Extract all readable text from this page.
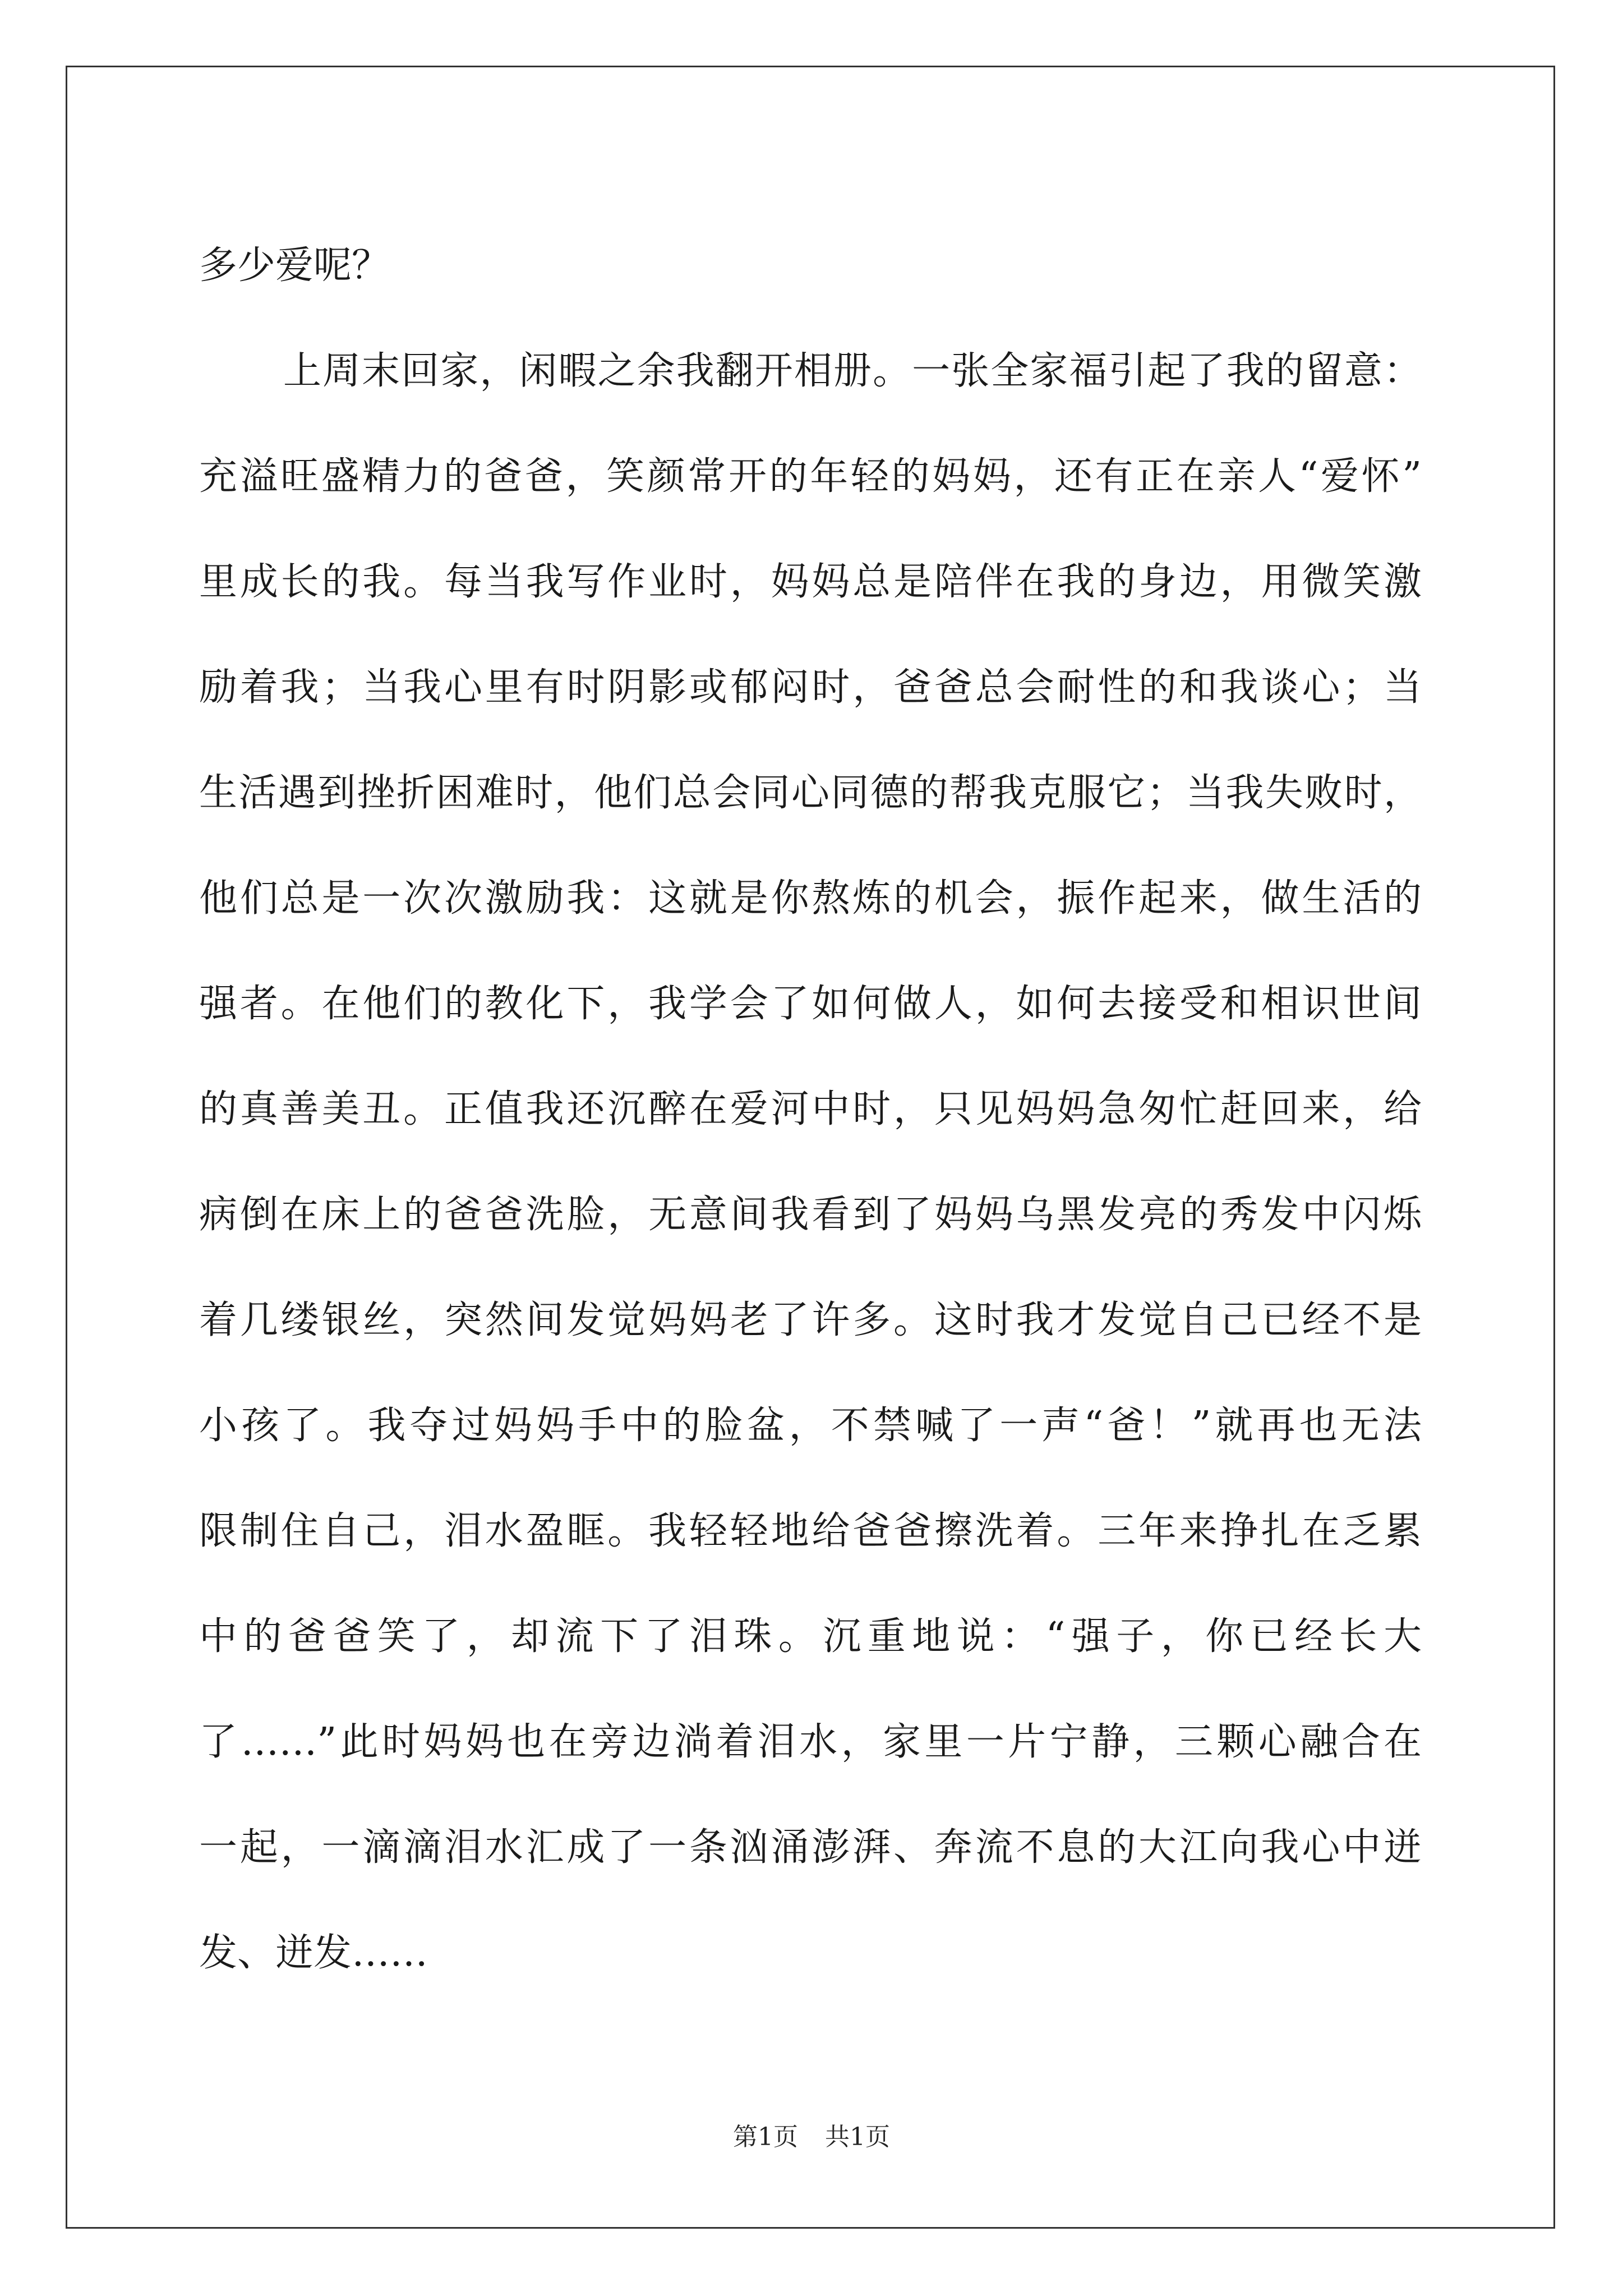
多少爱呢？
上周末回家，闲暇之余我翻开相册。一张全家福引起了我的留意：
充溢旺盛精力的爸爸，笑颜常开的年轻的妈妈，还有正在亲人“爱怀”
里成长的我。每当我写作业时，妈妈总是陪伴在我的身边，用微笑激
励着我；当我心里有时阴影或郁闷时，爸爸总会耐性的和我谈心；当
生活遇到挫折困难时，他们总会同心同德的帮我克服它；当我失败时，
他们总是一次次激励我：这就是你熬炼的机会，振作起来，做生活的
强者。在他们的教化下，我学会了如何做人，如何去接受和相识世间
的真善美丑。正值我还沉醉在爱河中时，只见妈妈急匆忙赶回来，给
病倒在床上的爸爸洗脸，无意间我看到了妈妈乌黑发亮的秀发中闪烁
着几缕银丝，突然间发觉妈妈老了许多。这时我才发觉自己已经不是
小孩了。我夺过妈妈手中的脸盆，不禁喊了一声“爸！”就再也无法
限制住自己，泪水盈眶。我轻轻地给爸爸擦洗着。三年来挣扎在乏累
中的爸爸笑了，却流下了泪珠。沉重地说：“强子，你已经长大
了……”此时妈妈也在旁边淌着泪水，家里一片宁静，三颗心融合在
一起，一滴滴泪水汇成了一条汹涌澎湃、奔流不息的大江向我心中迸
发、迸发……
第1页 共1页
